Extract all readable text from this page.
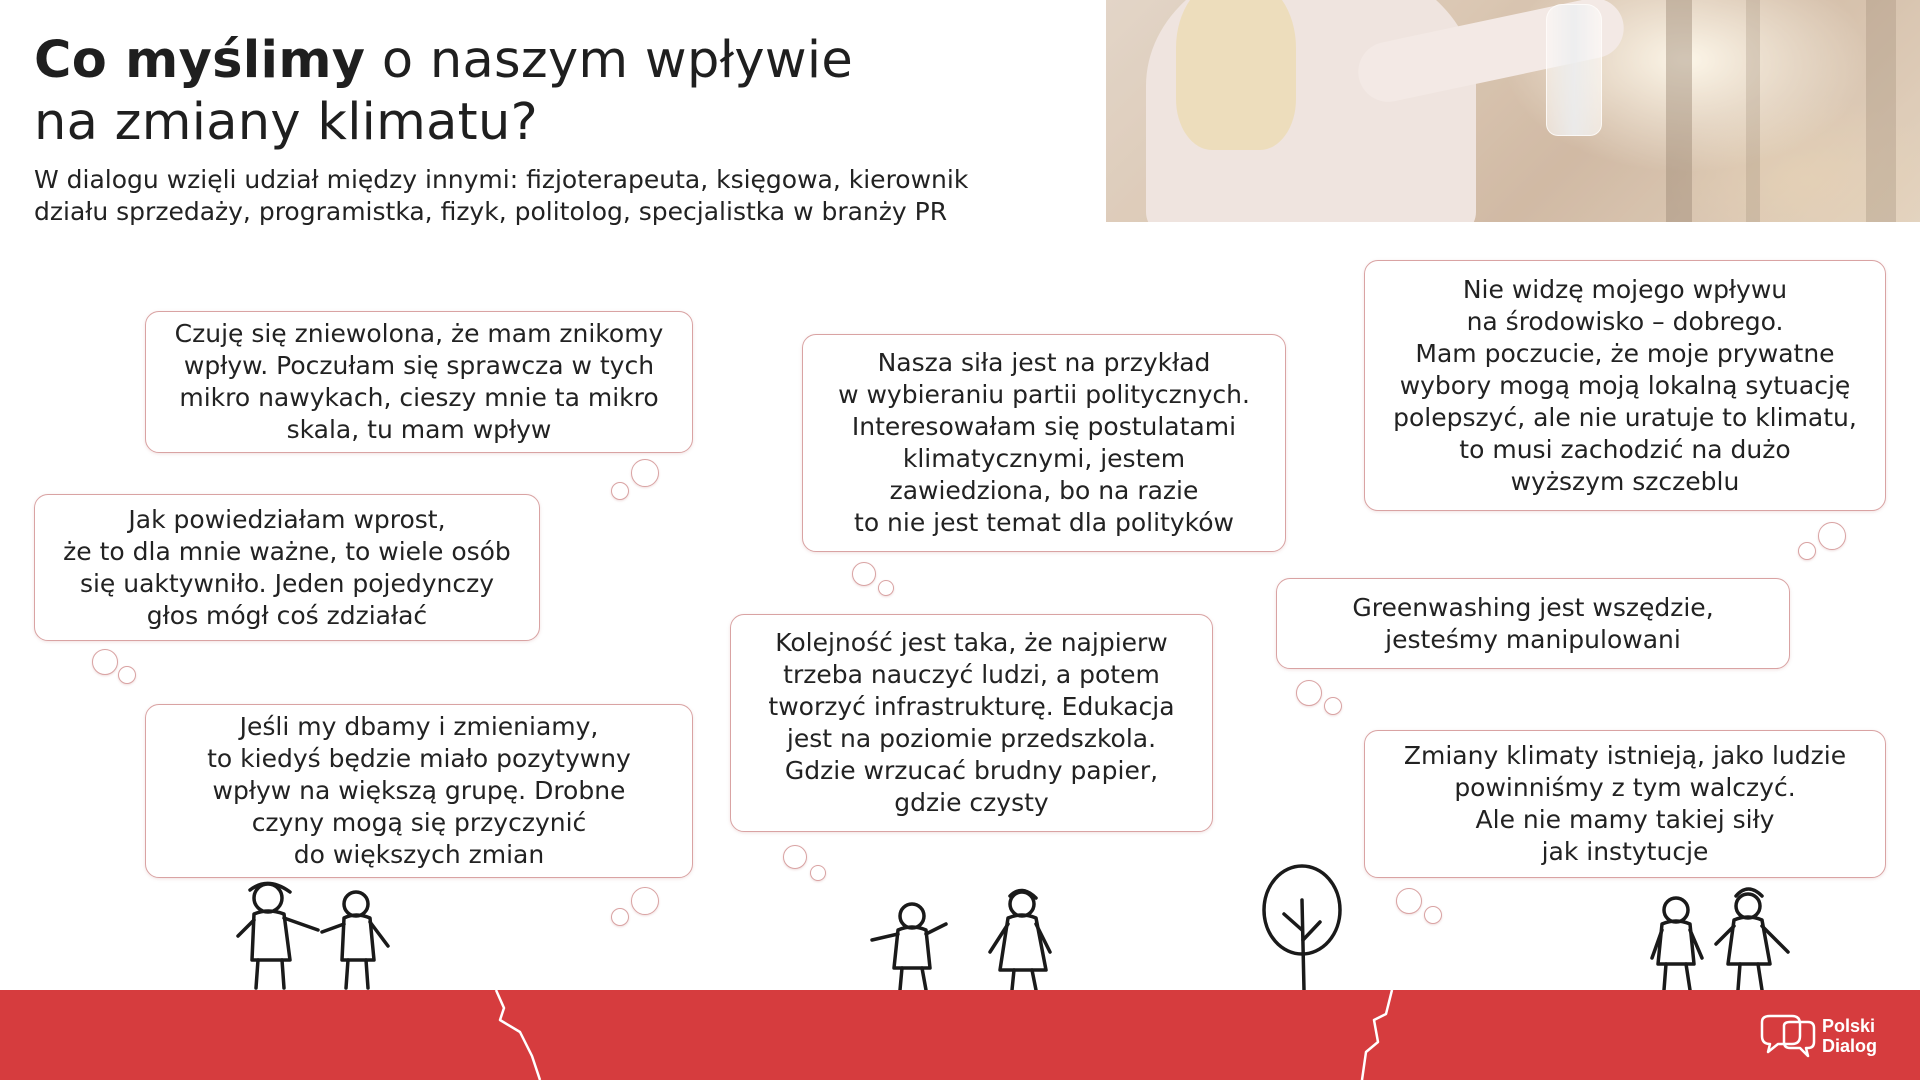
Co myślimy o naszym wpływie
na zmiany klimatu?
W dialogu wzięli udział między innymi: fizjoterapeuta, księgowa, kierownik
działu sprzedaży, programistka, fizyk, politolog, specjalistka w branży PR
Czuję się zniewolona, że mam znikomy
wpływ. Poczułam się sprawcza w tych
mikro nawykach, cieszy mnie ta mikro
skala, tu mam wpływ
Jak powiedziałam wprost,
że to dla mnie ważne, to wiele osób
się uaktywniło. Jeden pojedynczy
głos mógł coś zdziałać
Jeśli my dbamy i zmieniamy,
to kiedyś będzie miało pozytywny
wpływ na większą grupę. Drobne
czyny mogą się przyczynić
do większych zmian
Nasza siła jest na przykład
w wybieraniu partii politycznych.
Interesowałam się postulatami
klimatycznymi, jestem
zawiedziona, bo na razie
to nie jest temat dla polityków
Kolejność jest taka, że najpierw
trzeba nauczyć ludzi, a potem
tworzyć infrastrukturę. Edukacja
jest na poziomie przedszkola.
Gdzie wrzucać brudny papier,
gdzie czysty
Nie widzę mojego wpływu
na środowisko – dobrego.
Mam poczucie, że moje prywatne
wybory mogą moją lokalną sytuację
polepszyć, ale nie uratuje to klimatu,
to musi zachodzić na dużo
wyższym szczeblu
Greenwashing jest wszędzie,
jesteśmy manipulowani
Zmiany klimaty istnieją, jako ludzie
powinniśmy z tym walczyć.
Ale nie mamy takiej siły
jak instytucje
Polski
Dialog
